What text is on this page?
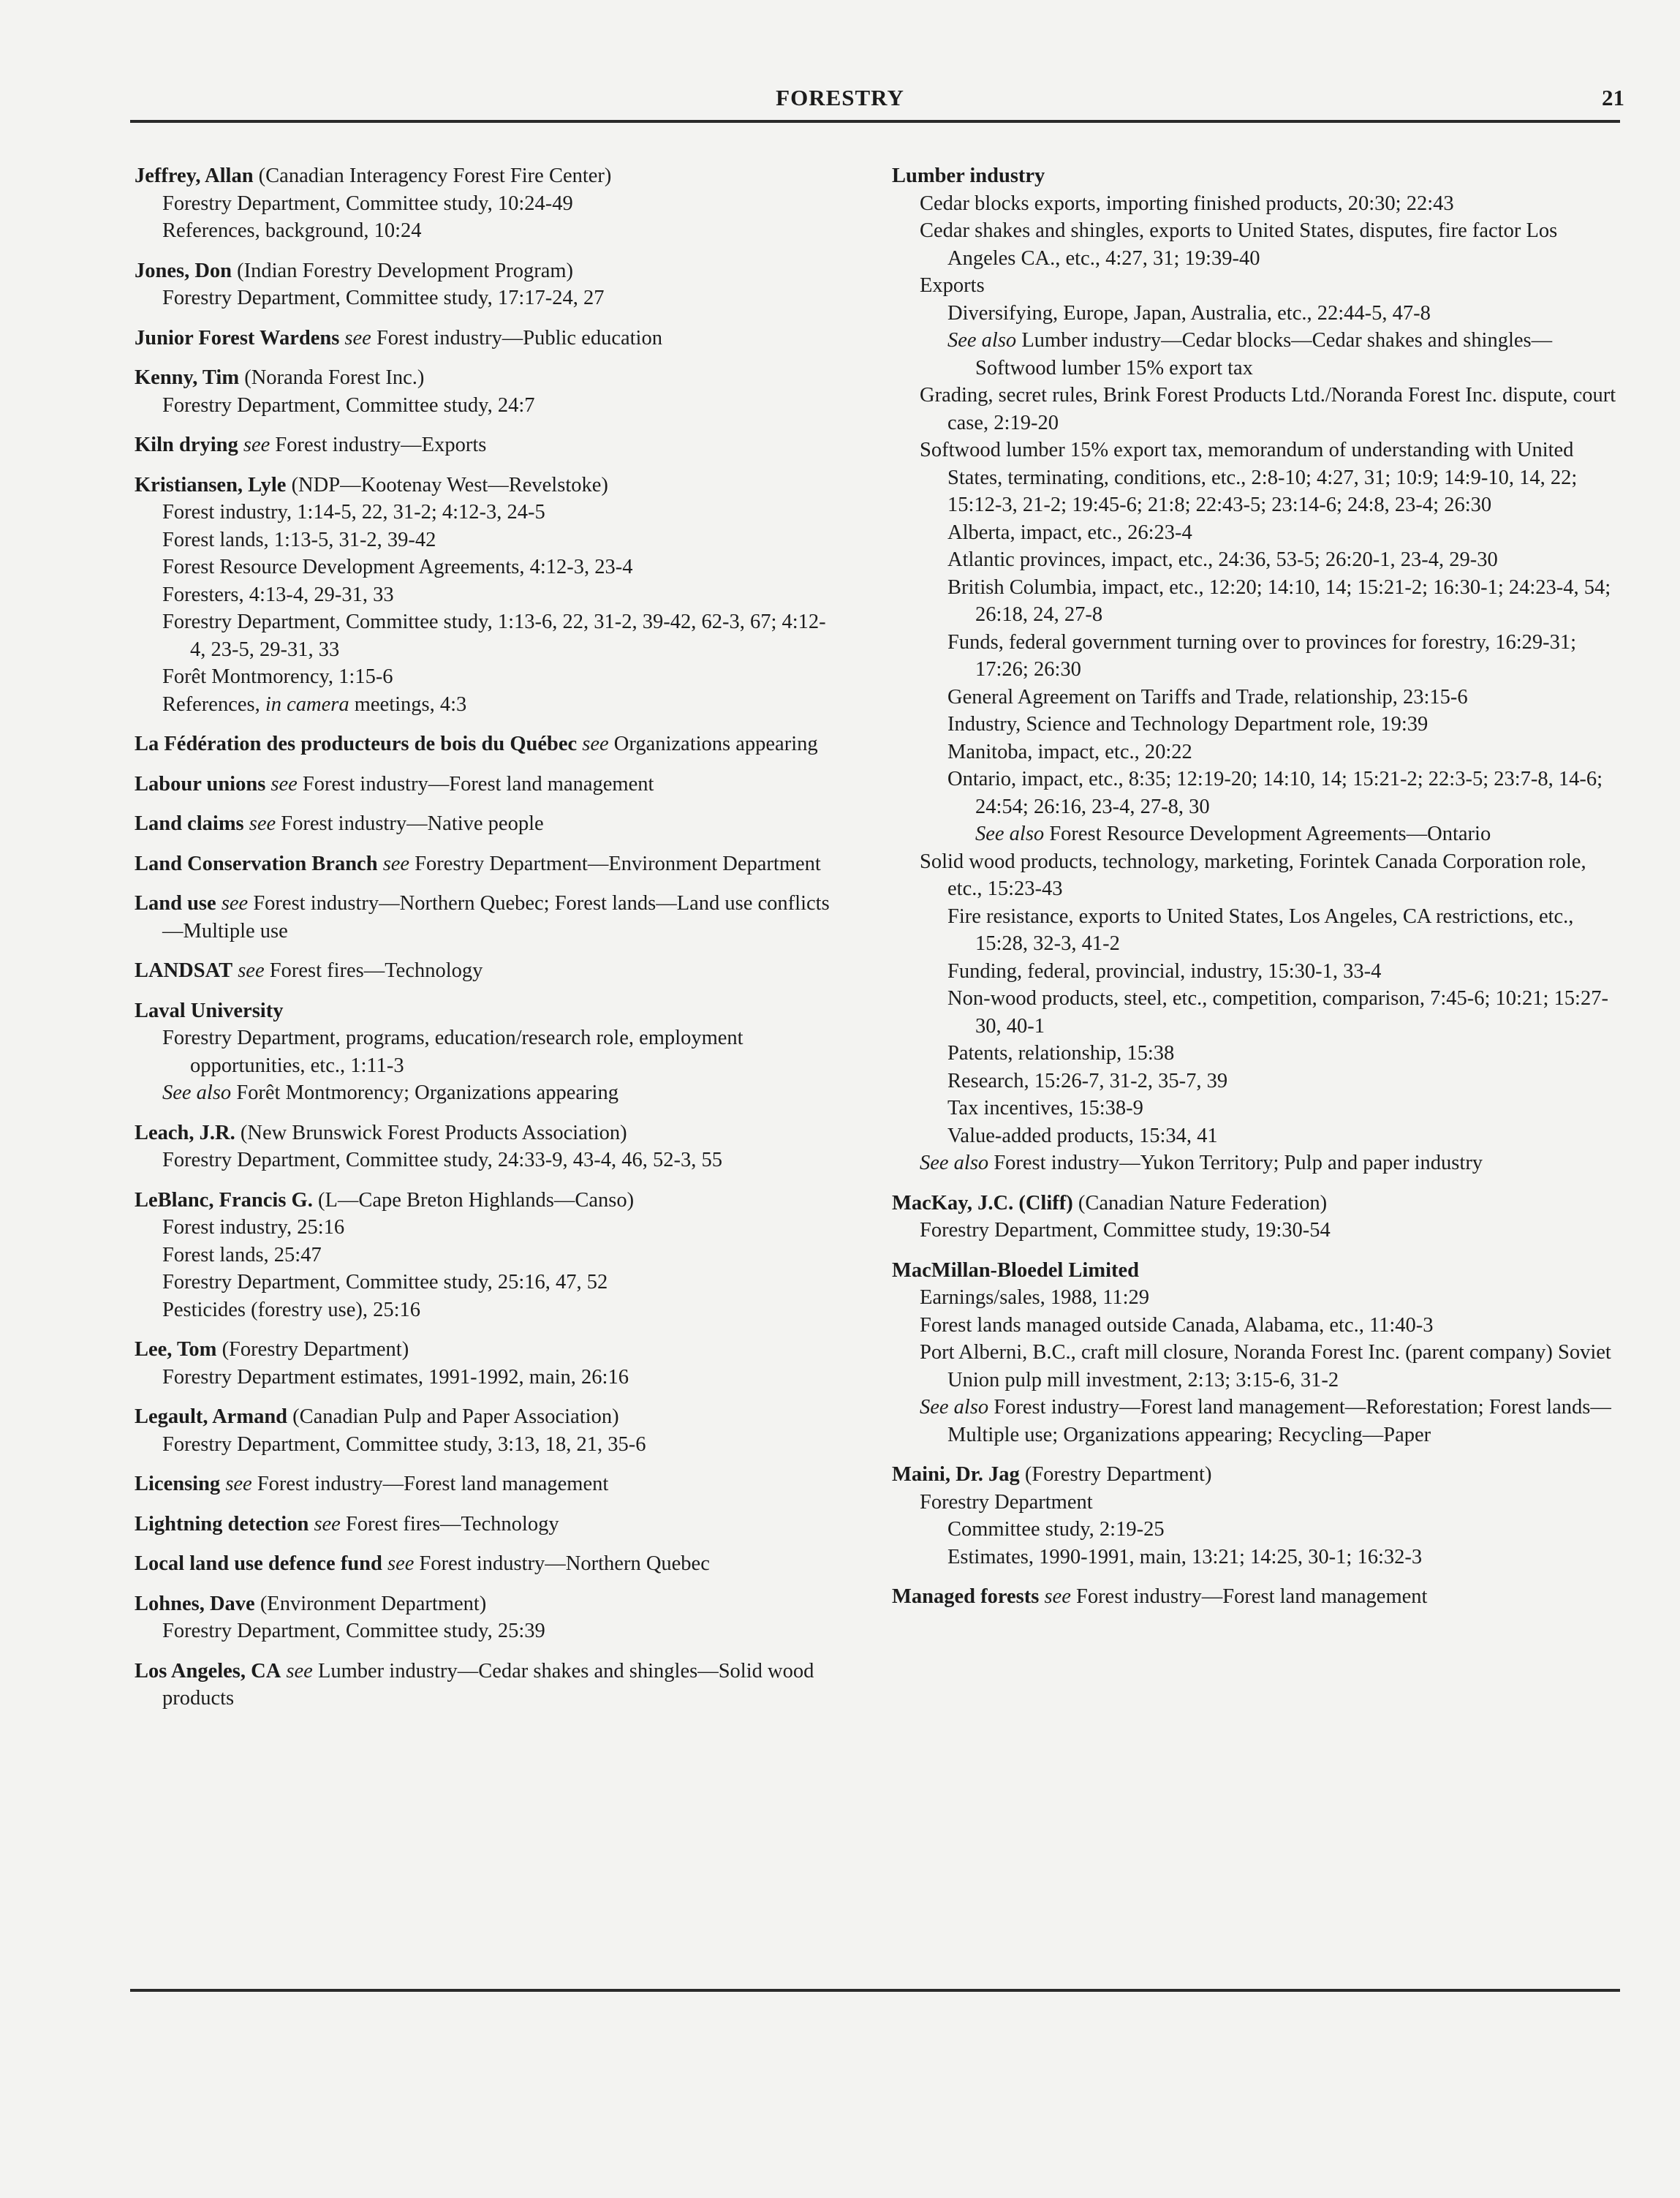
FORESTRY	21
Jeffrey, Allan (Canadian Interagency Forest Fire Center)
Forestry Department, Committee study, 10:24-49
References, background, 10:24
Jones, Don (Indian Forestry Development Program)
Forestry Department, Committee study, 17:17-24, 27
Junior Forest Wardens see Forest industry—Public education
Kenny, Tim (Noranda Forest Inc.)
Forestry Department, Committee study, 24:7
Kiln drying see Forest industry—Exports
Kristiansen, Lyle (NDP—Kootenay West—Revelstoke)
Forest industry, 1:14-5, 22, 31-2; 4:12-3, 24-5
Forest lands, 1:13-5, 31-2, 39-42
Forest Resource Development Agreements, 4:12-3, 23-4
Foresters, 4:13-4, 29-31, 33
Forestry Department, Committee study, 1:13-6, 22, 31-2, 39-42, 62-3, 67; 4:12-4, 23-5, 29-31, 33
Forêt Montmorency, 1:15-6
References, in camera meetings, 4:3
La Fédération des producteurs de bois du Québec see Organizations appearing
Labour unions see Forest industry—Forest land management
Land claims see Forest industry—Native people
Land Conservation Branch see Forestry Department—Environment Department
Land use see Forest industry—Northern Quebec; Forest lands—Land use conflicts—Multiple use
LANDSAT see Forest fires—Technology
Laval University
Forestry Department, programs, education/research role, employment opportunities, etc., 1:11-3
See also Forêt Montmorency; Organizations appearing
Leach, J.R. (New Brunswick Forest Products Association)
Forestry Department, Committee study, 24:33-9, 43-4, 46, 52-3, 55
LeBlanc, Francis G. (L—Cape Breton Highlands—Canso)
Forest industry, 25:16
Forest lands, 25:47
Forestry Department, Committee study, 25:16, 47, 52
Pesticides (forestry use), 25:16
Lee, Tom (Forestry Department)
Forestry Department estimates, 1991-1992, main, 26:16
Legault, Armand (Canadian Pulp and Paper Association)
Forestry Department, Committee study, 3:13, 18, 21, 35-6
Licensing see Forest industry—Forest land management
Lightning detection see Forest fires—Technology
Local land use defence fund see Forest industry—Northern Quebec
Lohnes, Dave (Environment Department)
Forestry Department, Committee study, 25:39
Los Angeles, CA see Lumber industry—Cedar shakes and shingles—Solid wood products
Lumber industry
Cedar blocks exports, importing finished products, 20:30; 22:43
Cedar shakes and shingles, exports to United States, disputes, fire factor Los Angeles CA., etc., 4:27, 31; 19:39-40
Exports
Diversifying, Europe, Japan, Australia, etc., 22:44-5, 47-8
See also Lumber industry—Cedar blocks—Cedar shakes and shingles—Softwood lumber 15% export tax
Grading, secret rules, Brink Forest Products Ltd./Noranda Forest Inc. dispute, court case, 2:19-20
Softwood lumber 15% export tax, memorandum of understanding with United States, terminating, conditions, etc., 2:8-10; 4:27, 31; 10:9; 14:9-10, 14, 22; 15:12-3, 21-2; 19:45-6; 21:8; 22:43-5; 23:14-6; 24:8, 23-4; 26:30
Alberta, impact, etc., 26:23-4
Atlantic provinces, impact, etc., 24:36, 53-5; 26:20-1, 23-4, 29-30
British Columbia, impact, etc., 12:20; 14:10, 14; 15:21-2; 16:30-1; 24:23-4, 54; 26:18, 24, 27-8
Funds, federal government turning over to provinces for forestry, 16:29-31; 17:26; 26:30
General Agreement on Tariffs and Trade, relationship, 23:15-6
Industry, Science and Technology Department role, 19:39
Manitoba, impact, etc., 20:22
Ontario, impact, etc., 8:35; 12:19-20; 14:10, 14; 15:21-2; 22:3-5; 23:7-8, 14-6; 24:54; 26:16, 23-4, 27-8, 30
See also Forest Resource Development Agreements—Ontario
Solid wood products, technology, marketing, Forintek Canada Corporation role, etc., 15:23-43
Fire resistance, exports to United States, Los Angeles, CA restrictions, etc., 15:28, 32-3, 41-2
Funding, federal, provincial, industry, 15:30-1, 33-4
Non-wood products, steel, etc., competition, comparison, 7:45-6; 10:21; 15:27-30, 40-1
Patents, relationship, 15:38
Research, 15:26-7, 31-2, 35-7, 39
Tax incentives, 15:38-9
Value-added products, 15:34, 41
See also Forest industry—Yukon Territory; Pulp and paper industry
MacKay, J.C. (Cliff) (Canadian Nature Federation)
Forestry Department, Committee study, 19:30-54
MacMillan-Bloedel Limited
Earnings/sales, 1988, 11:29
Forest lands managed outside Canada, Alabama, etc., 11:40-3
Port Alberni, B.C., craft mill closure, Noranda Forest Inc. (parent company) Soviet Union pulp mill investment, 2:13; 3:15-6, 31-2
See also Forest industry—Forest land management—Reforestation; Forest lands—Multiple use; Organizations appearing; Recycling—Paper
Maini, Dr. Jag (Forestry Department)
Forestry Department
Committee study, 2:19-25
Estimates, 1990-1991, main, 13:21; 14:25, 30-1; 16:32-3
Managed forests see Forest industry—Forest land management
